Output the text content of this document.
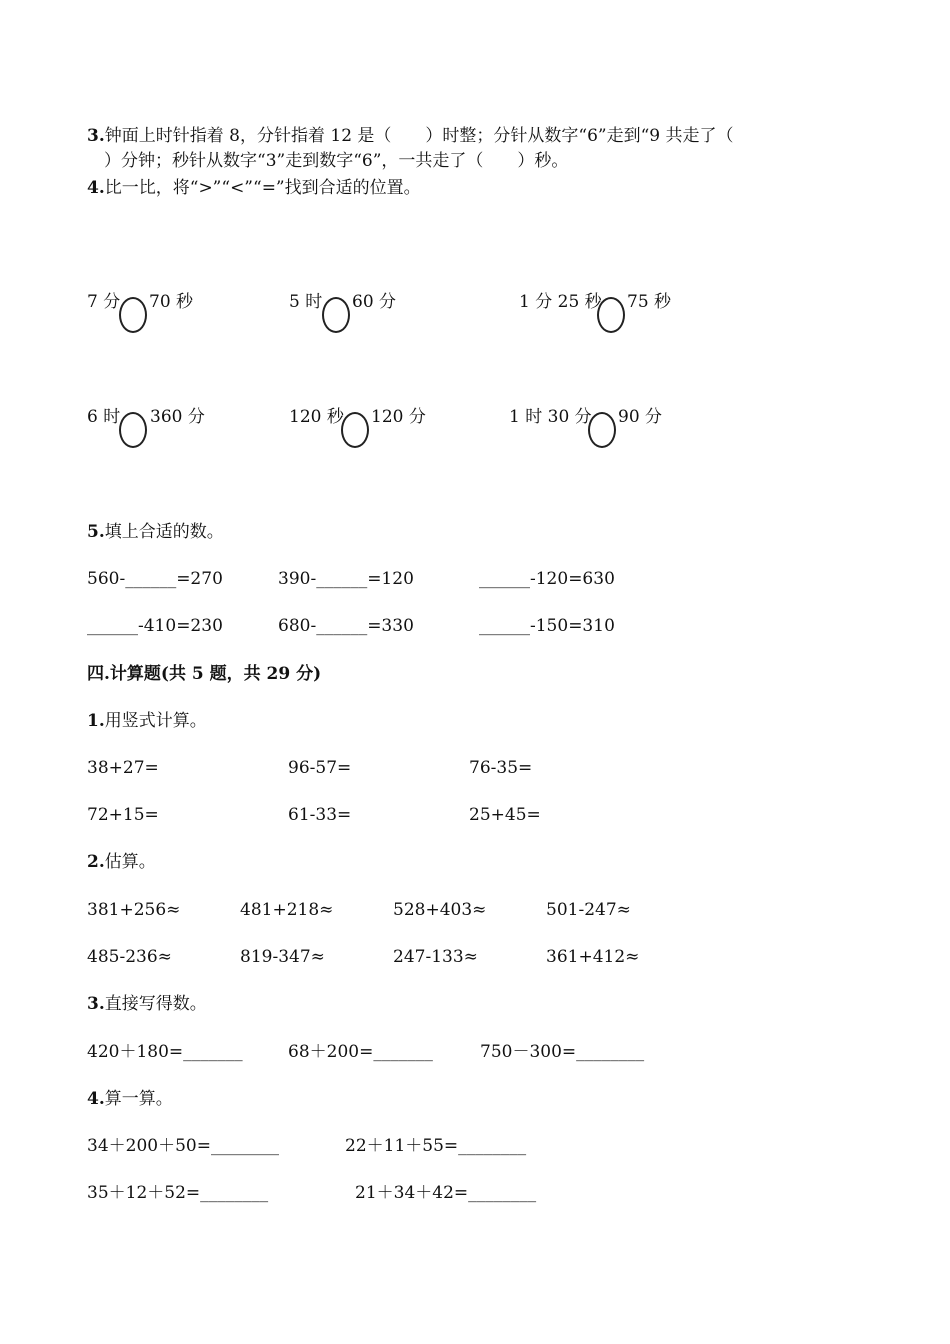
3.钟面上时针指着 8，分针指着 12 是（　　）时整；分针从数字“6”走到“9 共走了（
　）分钟；秒针从数字“3”走到数字“6”，一共走了（　　）秒。
4.比一比，将“>”“<”“=”找到合适的位置。
7 分 70 秒	5 时 60 分	1 分 25 秒 75 秒
6 时 360 分	120 秒 120 分	1 时 30 分 90 分
5.填上合适的数。
560-______=270	390-______=120	______-120=630
______-410=230	680-______=330	______-150=310
四.计算题(共 5 题，共 29 分)
1.用竖式计算。
38+27=	96-57=	76-35=
72+15=	61-33=	25+45=
2.估算。
381+256≈	481+218≈	528+403≈	501-247≈
485-236≈	819-347≈	247-133≈	361+412≈
3.直接写得数。
420＋180=_______	68＋200=_______	750－300=________
4.算一算。
34＋200＋50=________	22＋11＋55=________
35＋12＋52=________	21＋34＋42=________
